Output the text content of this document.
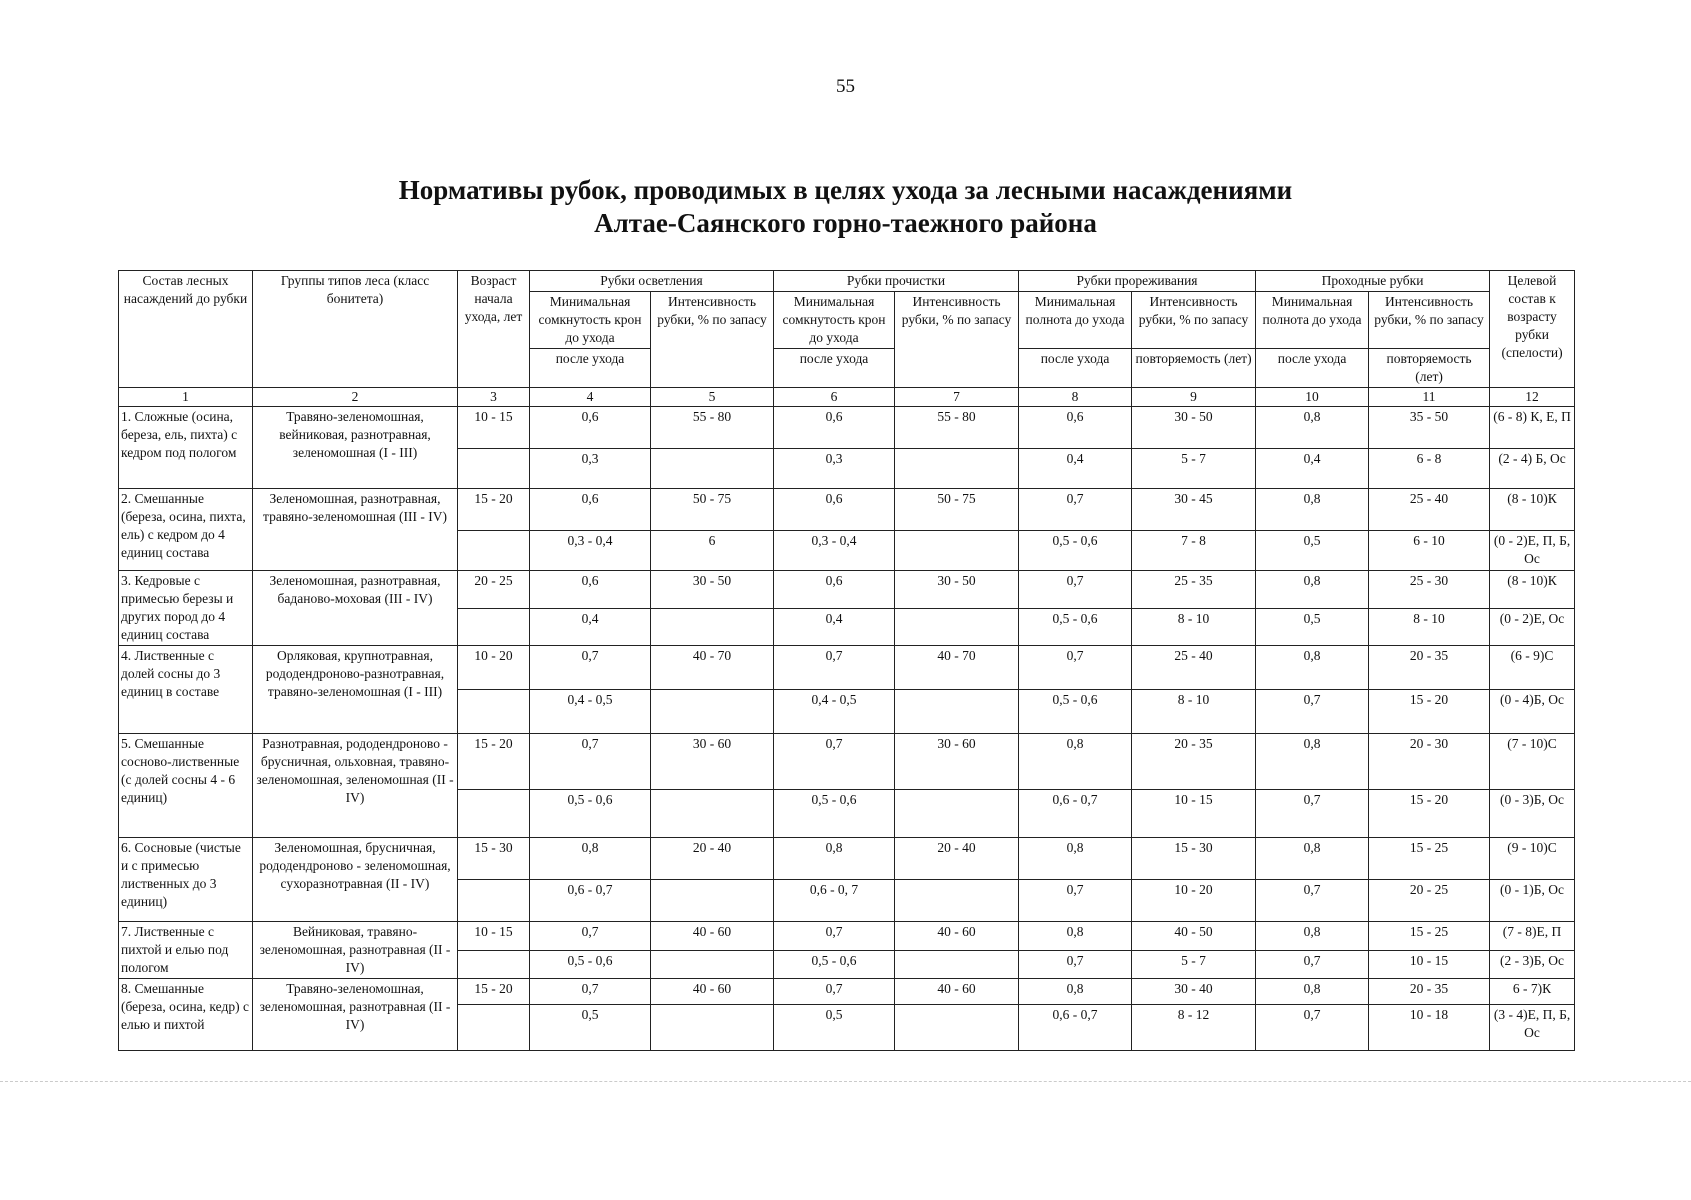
55
Нормативы рубок, проводимых в целях ухода за лесными насаждениями
Алтае-Саянского горно-таежного района
Состав лесных насаждений до рубки	Группы типов леса (класс бонитета)	Возраст начала ухода, лет	Рубки осветления		Рубки прочистки		Рубки прореживания		Проходные рубки		Целевой состав к возрасту рубки (спелости)
			Минимальная сомкнутость крон до ухода	Интенсивность рубки, % по запасу	Минимальная сомкнутость крон до ухода	Интенсивность рубки, % по запасу	Минимальная полнота до ухода	Интенсивность рубки, % по запасу	Минимальная полнота до ухода	Интенсивность рубки, % по запасу	
			после ухода		после ухода		после ухода	повторяемость (лет)	после ухода	повторяемость (лет)	
1	2	3	4	5	6	7	8	9	10	11	12
1. Сложные (осина, береза, ель, пихта) с кедром под пологом	Травяно-зеленомошная, вейниковая, разнотравная, зеленомошная (I - III)	10 - 15	0,6	55 - 80	0,6	55 - 80	0,6	30 - 50	0,8	35 - 50	(6 - 8) К, Е, П
			0,3		0,3		0,4	5 - 7	0,4	6 - 8	(2 - 4) Б, Ос
2. Смешанные (береза, осина, пихта, ель) с кедром до 4 единиц состава	Зеленомошная, разнотравная, травяно-зеленомошная (III - IV)	15 - 20	0,6	50 - 75	0,6	50 - 75	0,7	30 - 45	0,8	25 - 40	(8 - 10)К
			0,3 - 0,4	6	0,3 - 0,4		0,5 - 0,6	7 - 8	0,5	6 - 10	(0 - 2)Е, П, Б, Ос
3. Кедровые с примесью березы и других пород до 4 единиц состава	Зеленомошная, разнотравная, баданово-моховая (III - IV)	20 - 25	0,6	30 - 50	0,6	30 - 50	0,7	25 - 35	0,8	25 - 30	(8 - 10)К
			0,4		0,4		0,5 - 0,6	8 - 10	0,5	8 - 10	(0 - 2)Е, Ос
4. Лиственные с долей сосны до 3 единиц в составе	Орляковая, крупнотравная, рододендроново-разнотравная, травяно-зеленомошная (I - III)	10 - 20	0,7	40 - 70	0,7	40 - 70	0,7	25 - 40	0,8	20 - 35	(6 - 9)С
			0,4 - 0,5		0,4 - 0,5		0,5 - 0,6	8 - 10	0,7	15 - 20	(0 - 4)Б, Ос
5. Смешанные сосново-лиственные (с долей сосны 4 - 6 единиц)	Разнотравная, рододендроново - брусничная, ольховная, травяно-зеленомошная, зеленомошная (II - IV)	15 - 20	0,7	30 - 60	0,7	30 - 60	0,8	20 - 35	0,8	20 - 30	(7 - 10)С
			0,5 - 0,6		0,5 - 0,6		0,6 - 0,7	10 - 15	0,7	15 - 20	(0 - 3)Б, Ос
6. Сосновые (чистые и с примесью лиственных до 3 единиц)	Зеленомошная, брусничная, рододендроново - зеленомошная, сухоразнотравная (II - IV)	15 - 30	0,8	20 - 40	0,8	20 - 40	0,8	15 - 30	0,8	15 - 25	(9 - 10)С
			0,6 - 0,7		0,6 - 0, 7		0,7	10 - 20	0,7	20 - 25	(0 - 1)Б, Ос
7. Лиственные с пихтой и елью под пологом	Вейниковая, травяно-зеленомошная, разнотравная (II - IV)	10 - 15	0,7	40 - 60	0,7	40 - 60	0,8	40 - 50	0,8	15 - 25	(7 - 8)Е, П
			0,5 - 0,6		0,5 - 0,6		0,7	5 - 7	0,7	10 - 15	(2 - 3)Б, Ос
8. Смешанные (береза, осина, кедр) с елью и пихтой	Травяно-зеленомошная, зеленомошная, разнотравная (II - IV)	15 - 20	0,7	40 - 60	0,7	40 - 60	0,8	30 - 40	0,8	20 - 35	6 - 7)К
			0,5		0,5		0,6 - 0,7	8 - 12	0,7	10 - 18	(3 - 4)Е, П, Б, Ос
